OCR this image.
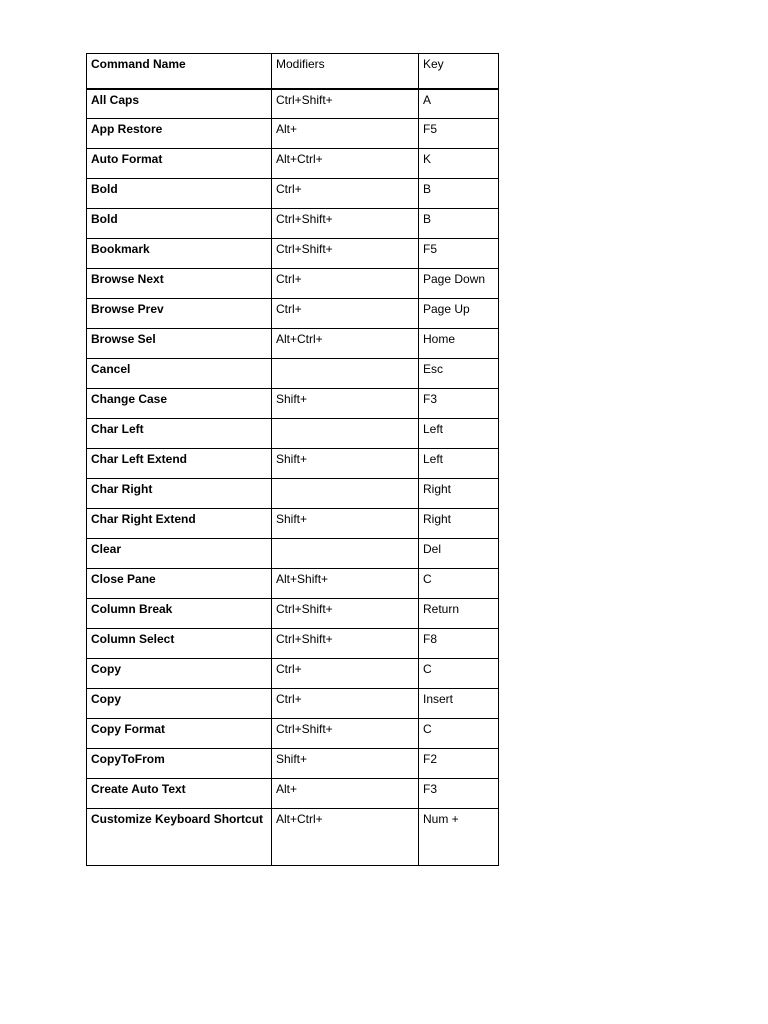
Command Name	Modifiers	Key
All Caps	Ctrl+Shift+	A
App Restore	Alt+	F5
Auto Format	Alt+Ctrl+	K
Bold	Ctrl+	B
Bold	Ctrl+Shift+	B
Bookmark	Ctrl+Shift+	F5
Browse Next	Ctrl+	Page Down
Browse Prev	Ctrl+	Page Up
Browse Sel	Alt+Ctrl+	Home
Cancel		Esc
Change Case	Shift+	F3
Char Left		Left
Char Left Extend	Shift+	Left
Char Right		Right
Char Right Extend	Shift+	Right
Clear		Del
Close Pane	Alt+Shift+	C
Column Break	Ctrl+Shift+	Return
Column Select	Ctrl+Shift+	F8
Copy	Ctrl+	C
Copy	Ctrl+	Insert
Copy Format	Ctrl+Shift+	C
CopyToFrom	Shift+	F2
Create Auto Text	Alt+	F3
Customize Keyboard Shortcut	Alt+Ctrl+	Num +
